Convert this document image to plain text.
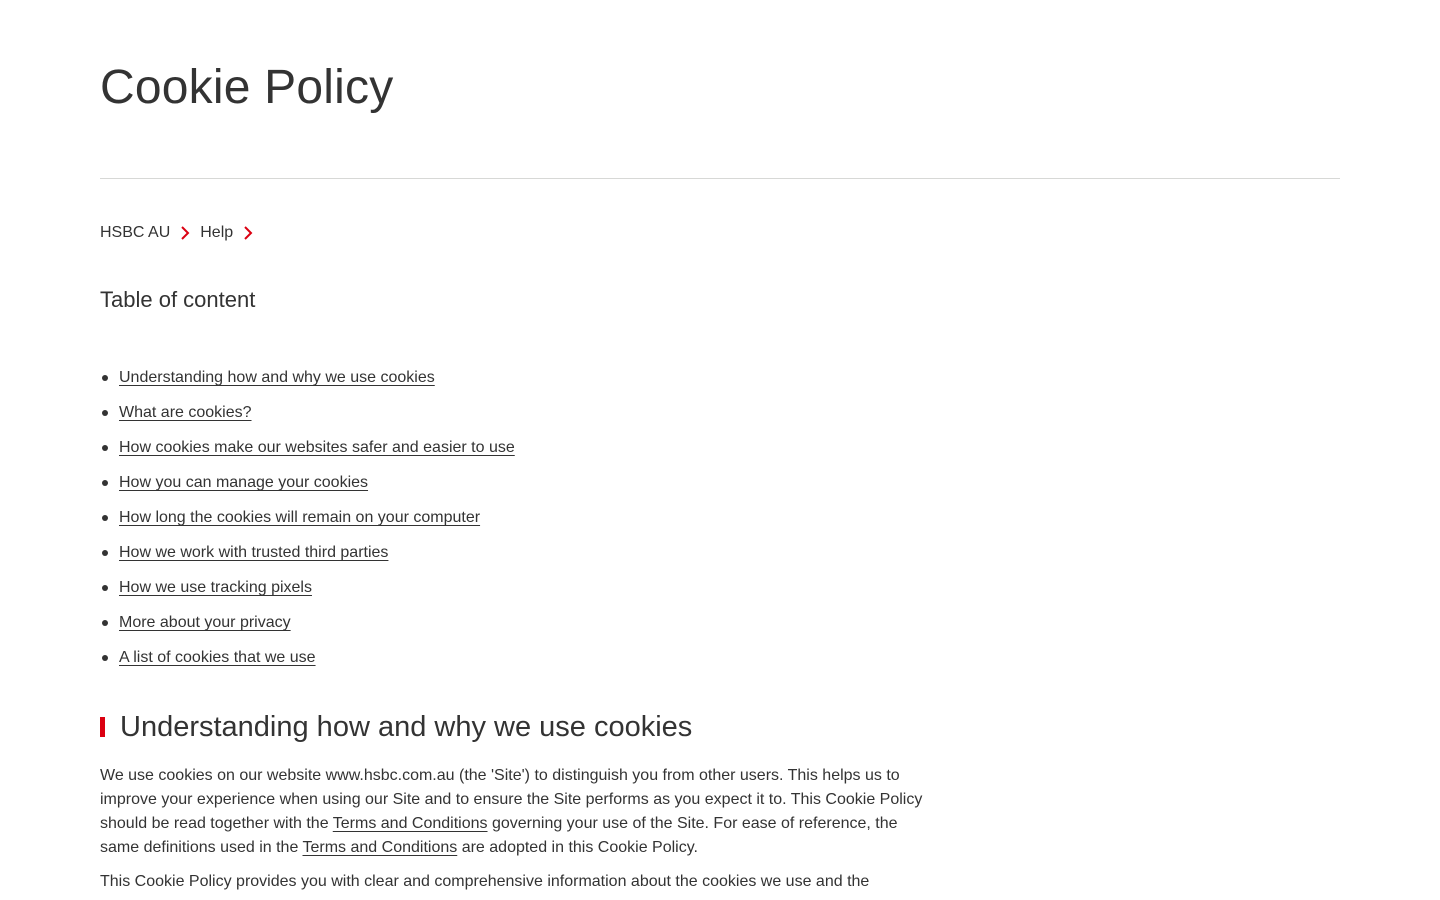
Cookie Policy
HSBC AU Help
Table of content
Understanding how and why we use cookies
What are cookies?
How cookies make our websites safer and easier to use
How you can manage your cookies
How long the cookies will remain on your computer
How we work with trusted third parties
How we use tracking pixels
More about your privacy
A list of cookies that we use
Understanding how and why we use cookies

We use cookies on our website www.hsbc.com.au (the 'Site') to distinguish you from other users. This helps us to improve your experience when using our Site and to ensure the Site performs as you expect it to. This Cookie Policy should be read together with the Terms and Conditions governing your use of the Site. For ease of reference, the same definitions used in the Terms and Conditions are adopted in this Cookie Policy.

This Cookie Policy provides you with clear and comprehensive information about the cookies we use and the
